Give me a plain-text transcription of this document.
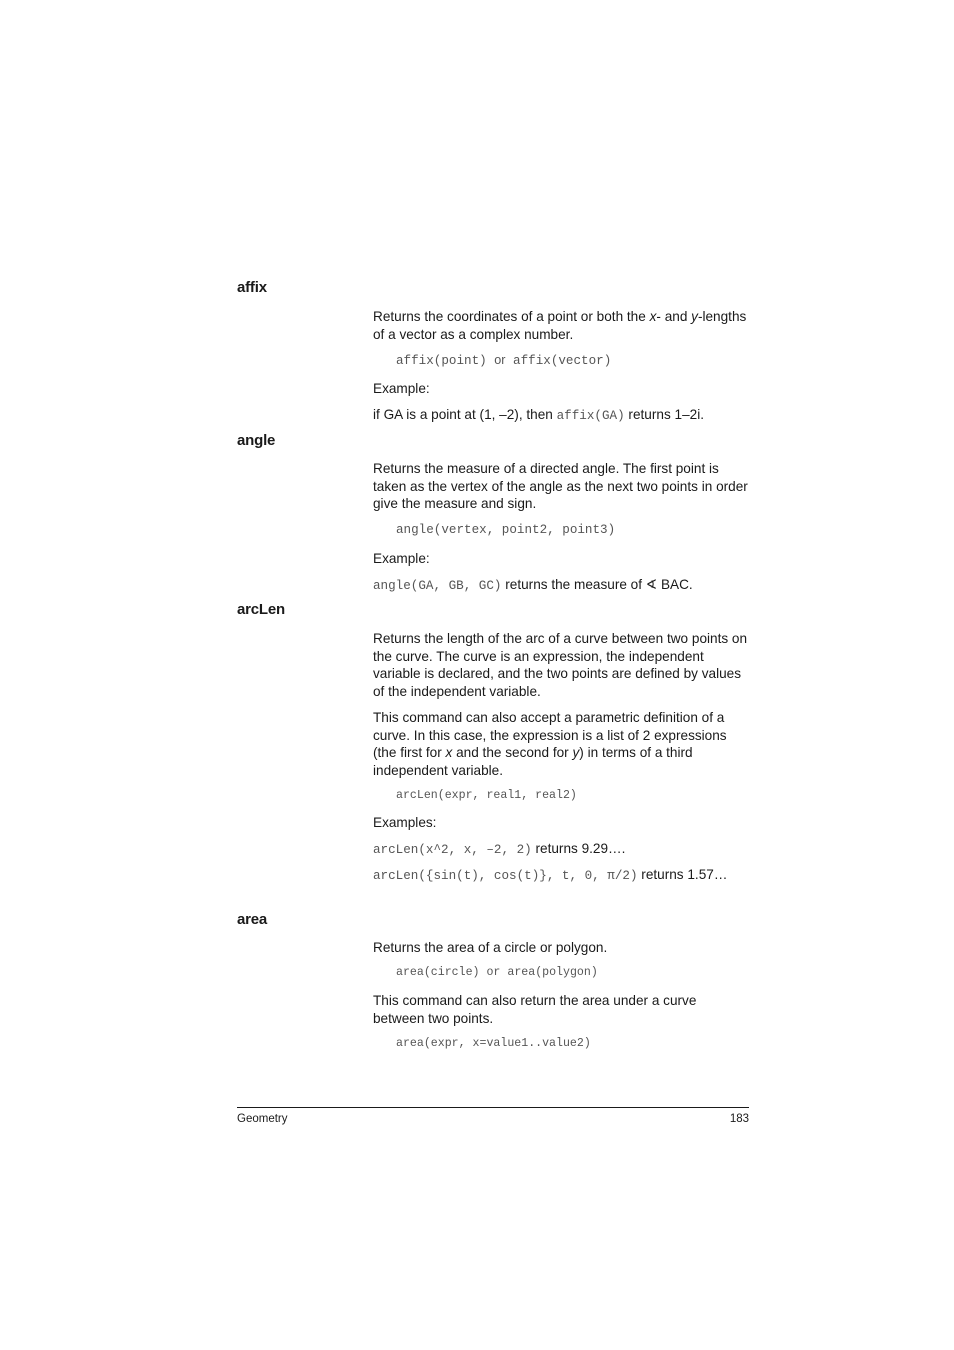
affix
Returns the coordinates of a point or both the x- and y-lengths of a vector as a complex number.
affix(point) or affix(vector)
Example:
if GA is a point at (1, –2), then affix(GA) returns 1–2i.
angle
Returns the measure of a directed angle. The first point is taken as the vertex of the angle as the next two points in order give the measure and sign.
angle(vertex, point2, point3)
Example:
angle(GA, GB, GC) returns the measure of ∢ BAC.
arcLen
Returns the length of the arc of a curve between two points on the curve. The curve is an expression, the independent variable is declared, and the two points are defined by values of the independent variable.
This command can also accept a parametric definition of a curve. In this case, the expression is a list of 2 expressions (the first for x and the second for y) in terms of a third independent variable.
arcLen(expr, real1, real2)
Examples:
arcLen(x^2, x, –2, 2) returns 9.29….
arcLen({sin(t), cos(t)}, t, 0, π/2) returns 1.57…
area
Returns the area of a circle or polygon.
area(circle) or area(polygon)
This command can also return the area under a curve between two points.
area(expr, x=value1..value2)
Geometry	183
